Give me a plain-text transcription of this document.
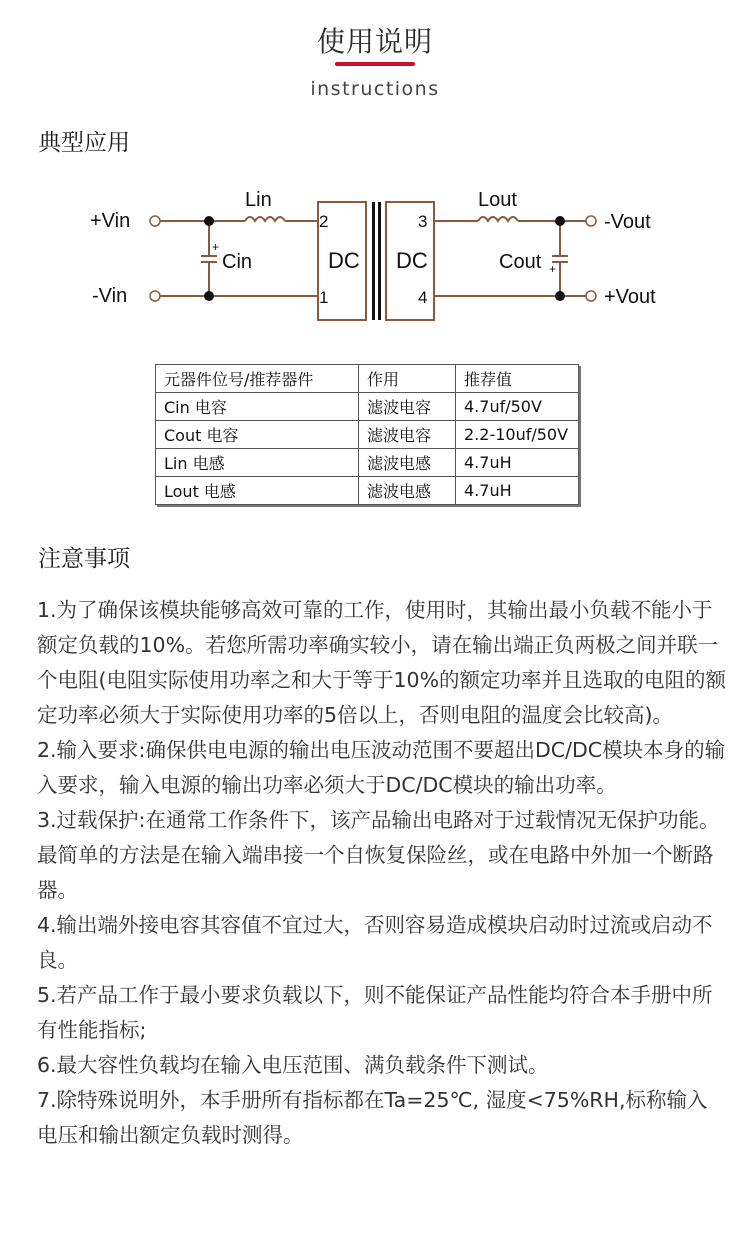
使用说明
instructions
典型应用
+Vin
-Vin
Lin
Cin
+
2
1
DC DC
3
4
Lout
Cout +
-Vout
+Vout
元器件位号/推荐器件	作用	推荐值
Cin 电容	滤波电容	4.7uf/50V
Cout 电容	滤波电容	2.2-10uf/50V
Lin 电感	滤波电感	4.7uH
Lout 电感	滤波电感	4.7uH
注意事项

1.为了确保该模块能够高效可靠的工作，使用时，其输出最小负载不能小于额定负载的10%。若您所需功率确实较小，请在输出端正负两极之间并联一个电阻(电阻实际使用功率之和大于等于10%的额定功率并且选取的电阻的额定功率必须大于实际使用功率的5倍以上，否则电阻的温度会比较高)。

2.输入要求:确保供电电源的输出电压波动范围不要超出DC/DC模块本身的输入要求，输入电源的输出功率必须大于DC/DC模块的输出功率。

3.过载保护:在通常工作条件下，该产品输出电路对于过载情况无保护功能。最简单的方法是在输入端串接一个自恢复保险丝，或在电路中外加一个断路器。

4.输出端外接电容其容值不宜过大，否则容易造成模块启动时过流或启动不良。

5.若产品工作于最小要求负载以下，则不能保证产品性能均符合本手册中所有性能指标;

6.最大容性负载均在输入电压范围、满负载条件下测试。

7.除特殊说明外，本手册所有指标都在Ta=25℃, 湿度<75%RH,标称输入电压和输出额定负载时测得。
